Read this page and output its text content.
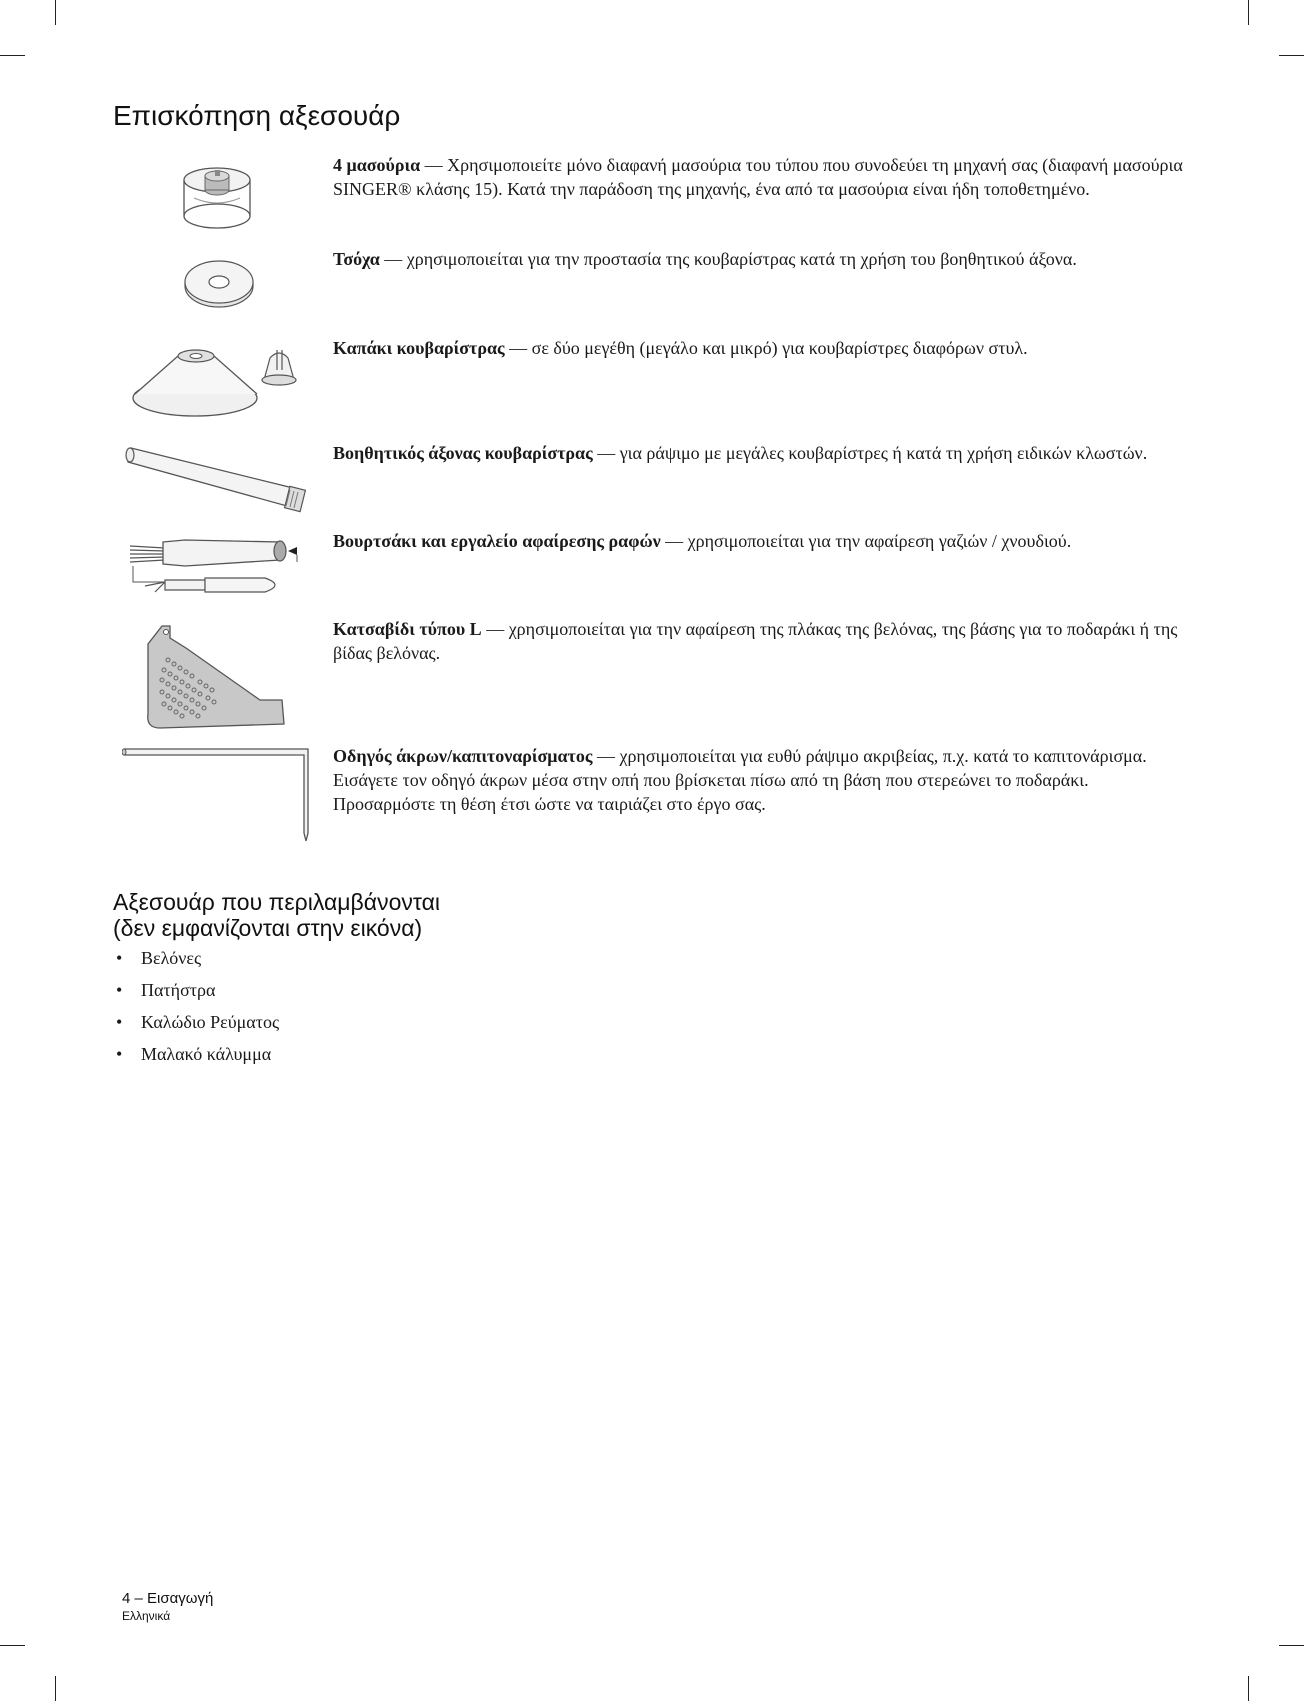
Επισκόπηση αξεσουάρ
4 μασούρια — Χρησιμοποιείτε μόνο διαφανή μασούρια του τύπου που συνοδεύει τη μηχανή σας (διαφανή μασούρια SINGER® κλάσης 15). Κατά την παράδοση της μηχανής, ένα από τα μασούρια είναι ήδη τοποθετημένο.
Τσόχα — χρησιμοποιείται για την προστασία της κουβαρίστρας κατά τη χρήση του βοηθητικού άξονα.
Καπάκι κουβαρίστρας — σε δύο μεγέθη (μεγάλο και μικρό) για κουβαρίστρες διαφόρων στυλ.
Βοηθητικός άξονας κουβαρίστρας — για ράψιμο με μεγάλες κουβαρίστρες ή κατά τη χρήση ειδικών κλωστών.
Βουρτσάκι και εργαλείο αφαίρεσης ραφών — χρησιμοποιείται για την αφαίρεση γαζιών / χνουδιού.
Κατσαβίδι τύπου L — χρησιμοποιείται για την αφαίρεση της πλάκας της βελόνας, της βάσης για το ποδαράκι ή της βίδας βελόνας.
Οδηγός άκρων/καπιτοναρίσματος — χρησιμοποιείται για ευθύ ράψιμο ακριβείας, π.χ. κατά το καπιτονάρισμα. Εισάγετε τον οδηγό άκρων μέσα στην οπή που βρίσκεται πίσω από τη βάση που στερεώνει το ποδαράκι. Προσαρμόστε τη θέση έτσι ώστε να ταιριάζει στο έργο σας.
Αξεσουάρ που περιλαμβάνονται
(δεν εμφανίζονται στην εικόνα)
• Βελόνες
• Πατήστρα
• Καλώδιο Ρεύματος
• Μαλακό κάλυμμα
4 – Εισαγωγή
Ελληνικά
